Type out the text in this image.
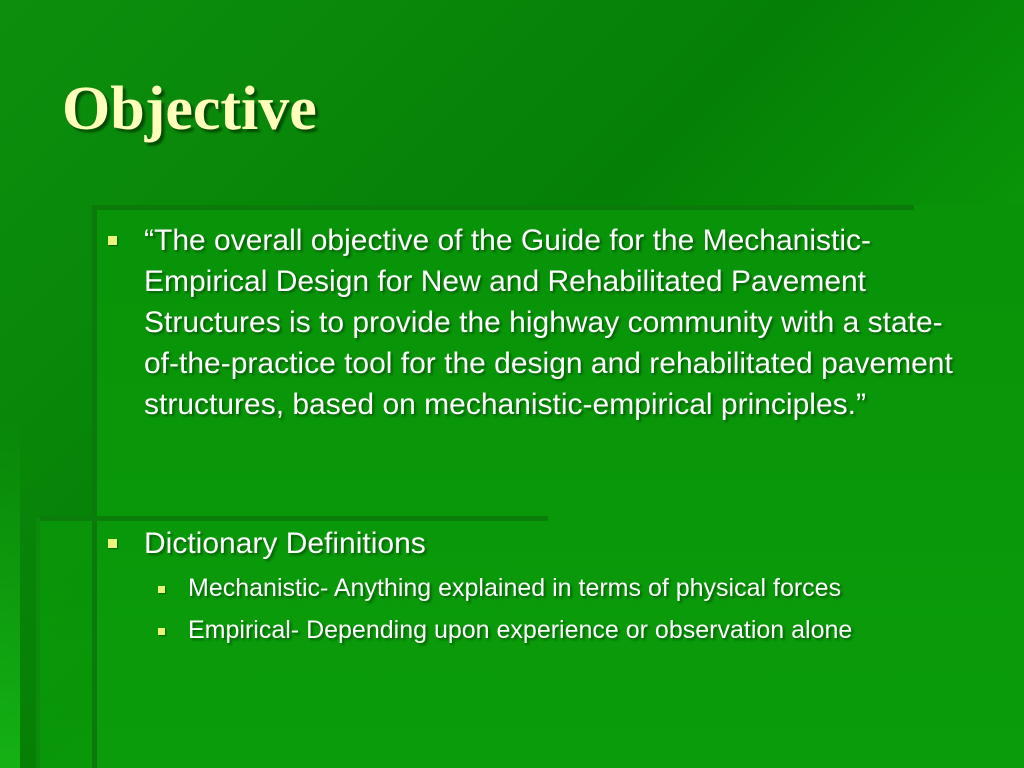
Objective
“The overall objective of the Guide for the Mechanistic-Empirical Design for New and Rehabilitated Pavement Structures is to provide the highway community with a state-of-the-practice tool for the design and rehabilitated pavement structures, based on mechanistic-empirical principles.”
Dictionary Definitions
Mechanistic- Anything explained in terms of physical forces
Empirical- Depending upon experience or observation alone
